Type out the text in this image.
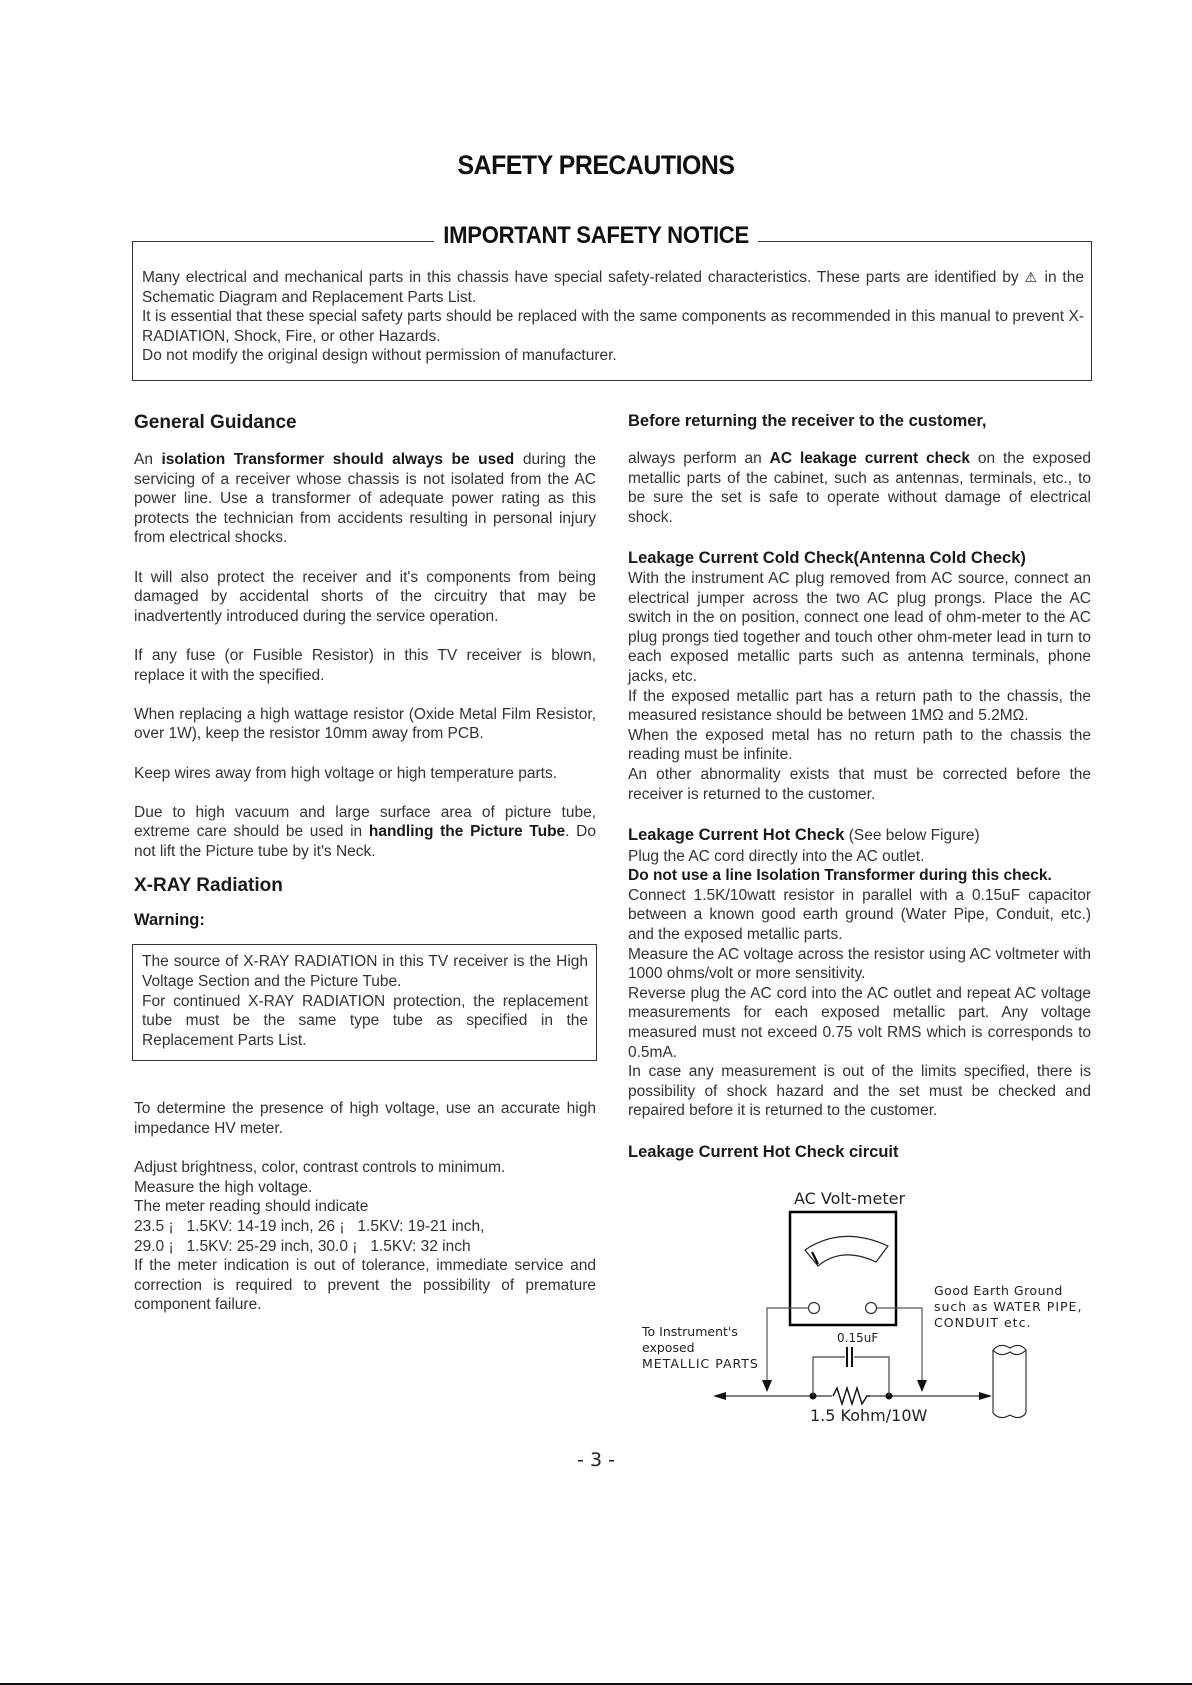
SAFETY PRECAUTIONS
IMPORTANT SAFETY NOTICE

Many electrical and mechanical parts in this chassis have special safety-related characteristics. These parts are identified by ⚠ in the Schematic Diagram and Replacement Parts List.

It is essential that these special safety parts should be replaced with the same components as recommended in this manual to prevent X-RADIATION, Shock, Fire, or other Hazards.

Do not modify the original design without permission of manufacturer.

General Guidance

An isolation Transformer should always be used during the servicing of a receiver whose chassis is not isolated from the AC power line. Use a transformer of adequate power rating as this protects the technician from accidents resulting in personal injury from electrical shocks.

It will also protect the receiver and it's components from being damaged by accidental shorts of the circuitry that may be inadvertently introduced during the service operation.

If any fuse (or Fusible Resistor) in this TV receiver is blown, replace it with the specified.

When replacing a high wattage resistor (Oxide Metal Film Resistor, over 1W), keep the resistor 10mm away from PCB.

Keep wires away from high voltage or high temperature parts.

Due to high vacuum and large surface area of picture tube, extreme care should be used in handling the Picture Tube. Do not lift the Picture tube by it's Neck.

X-RAY Radiation
Warning:

The source of X-RAY RADIATION in this TV receiver is the High Voltage Section and the Picture Tube.

For continued X-RAY RADIATION protection, the replacement tube must be the same type tube as specified in the Replacement Parts List.

To determine the presence of high voltage, use an accurate high impedance HV meter.

Adjust brightness, color, contrast controls to minimum.

Measure the high voltage.

The meter reading should indicate

23.5 ¡   1.5KV: 14-19 inch, 26 ¡   1.5KV: 19-21 inch,

29.0 ¡   1.5KV: 25-29 inch, 30.0 ¡   1.5KV: 32 inch

If the meter indication is out of tolerance, immediate service and correction is required to prevent the possibility of premature component failure.

Before returning the receiver to the customer,

always perform an AC leakage current check on the exposed metallic parts of the cabinet, such as antennas, terminals, etc., to be sure the set is safe to operate without damage of electrical shock.

Leakage Current Cold Check(Antenna Cold Check)

With the instrument AC plug removed from AC source, connect an electrical jumper across the two AC plug prongs. Place the AC switch in the on position, connect one lead of ohm-meter to the AC plug prongs tied together and touch other ohm-meter lead in turn to each exposed metallic parts such as antenna terminals, phone jacks, etc.

If the exposed metallic part has a return path to the chassis, the measured resistance should be between 1MΩ and 5.2MΩ.

When the exposed metal has no return path to the chassis the reading must be infinite.

An other abnormality exists that must be corrected before the receiver is returned to the customer.

Leakage Current Hot Check (See below Figure)

Plug the AC cord directly into the AC outlet.

Do not use a line Isolation Transformer during this check.

Connect 1.5K/10watt resistor in parallel with a 0.15uF capacitor between a known good earth ground (Water Pipe, Conduit, etc.) and the exposed metallic parts.

Measure the AC voltage across the resistor using AC voltmeter with 1000 ohms/volt or more sensitivity.

Reverse plug the AC cord into the AC outlet and repeat AC voltage measurements for each exposed metallic part. Any voltage measured must not exceed 0.75 volt RMS which is corresponds to 0.5mA.

In case any measurement is out of the limits specified, there is possibility of shock hazard and the set must be checked and repaired before it is returned to the customer.

Leakage Current Hot Check circuit
AC Volt-meter
0.15uF
1.5 Kohm/10W
To Instrument's
exposed
METALLIC PARTS
Good Earth Ground
such as WATER PIPE,
CONDUIT etc.
- 3 -
